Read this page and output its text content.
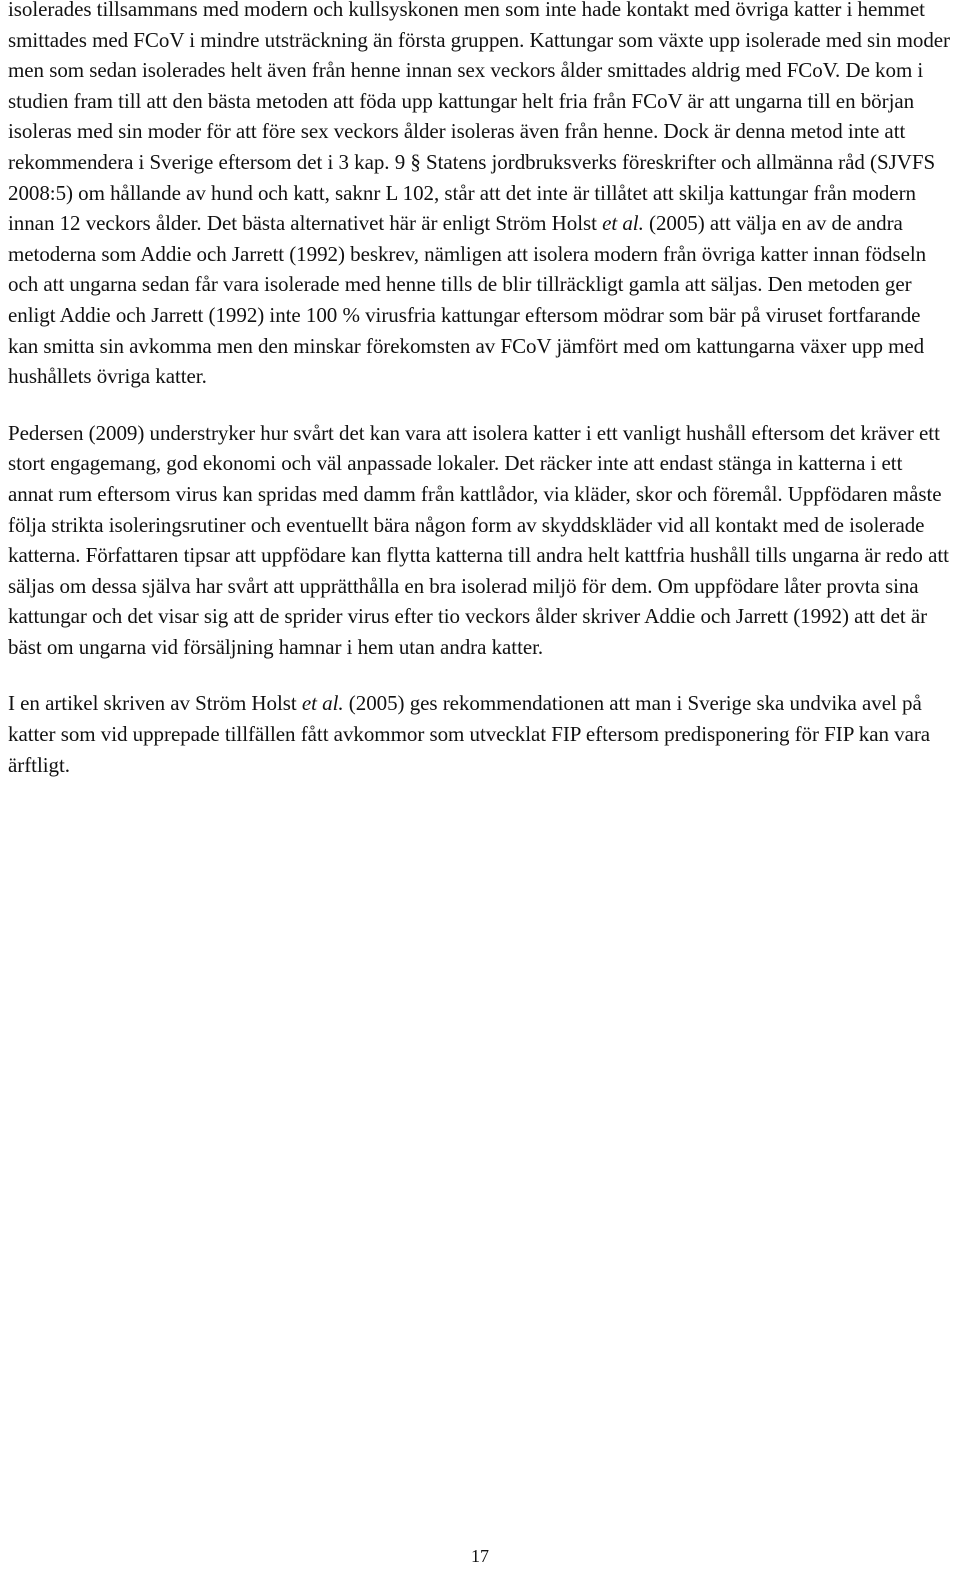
isolerades tillsammans med modern och kullsyskonen men som inte hade kontakt med övriga katter i hemmet smittades med FCoV i mindre utsträckning än första gruppen. Kattungar som växte upp isolerade med sin moder men som sedan isolerades helt även från henne innan sex veckors ålder smittades aldrig med FCoV. De kom i studien fram till att den bästa metoden att föda upp kattungar helt fria från FCoV är att ungarna till en början isoleras med sin moder för att före sex veckors ålder isoleras även från henne. Dock är denna metod inte att rekommendera i Sverige eftersom det i 3 kap. 9 § Statens jordbruksverks föreskrifter och allmänna råd (SJVFS 2008:5) om hållande av hund och katt, saknr L 102, står att det inte är tillåtet att skilja kattungar från modern innan 12 veckors ålder. Det bästa alternativet här är enligt Ström Holst et al. (2005) att välja en av de andra metoderna som Addie och Jarrett (1992) beskrev, nämligen att isolera modern från övriga katter innan födseln och att ungarna sedan får vara isolerade med henne tills de blir tillräckligt gamla att säljas. Den metoden ger enligt Addie och Jarrett (1992) inte 100 % virusfria kattungar eftersom mödrar som bär på viruset fortfarande kan smitta sin avkomma men den minskar förekomsten av FCoV jämfört med om kattungarna växer upp med hushållets övriga katter.

Pedersen (2009) understryker hur svårt det kan vara att isolera katter i ett vanligt hushåll eftersom det kräver ett stort engagemang, god ekonomi och väl anpassade lokaler. Det räcker inte att endast stänga in katterna i ett annat rum eftersom virus kan spridas med damm från kattlådor, via kläder, skor och föremål. Uppfödaren måste följa strikta isoleringsrutiner och eventuellt bära någon form av skyddskläder vid all kontakt med de isolerade katterna. Författaren tipsar att uppfödare kan flytta katterna till andra helt kattfria hushåll tills ungarna är redo att säljas om dessa själva har svårt att upprätthålla en bra isolerad miljö för dem. Om uppfödare låter provta sina kattungar och det visar sig att de sprider virus efter tio veckors ålder skriver Addie och Jarrett (1992) att det är bäst om ungarna vid försäljning hamnar i hem utan andra katter.

I en artikel skriven av Ström Holst et al. (2005) ges rekommendationen att man i Sverige ska undvika avel på katter som vid upprepade tillfällen fått avkommor som utvecklat FIP eftersom predisponering för FIP kan vara ärftligt.

17
